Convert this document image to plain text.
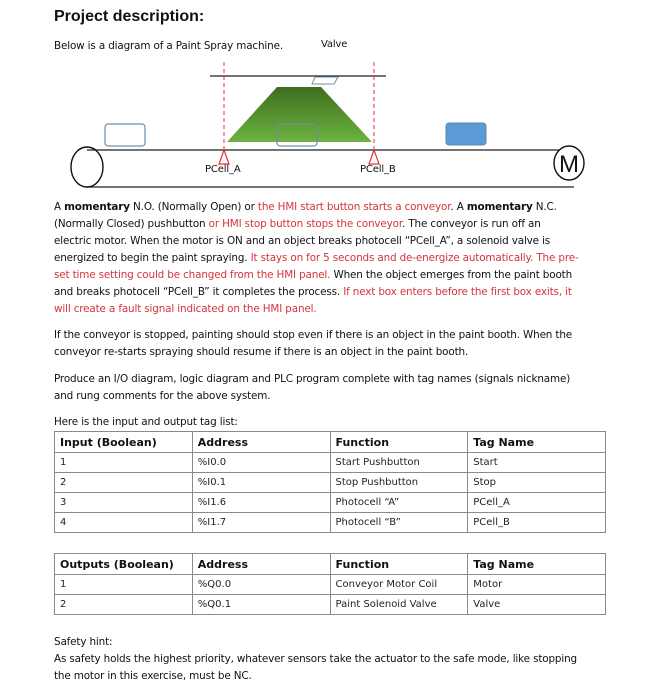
Project description:
Below is a diagram of a Paint Spray machine.	Valve
M
PCell_A	PCell_B
A momentary N.O. (Normally Open) or the HMI start button starts a conveyor. A momentary N.C.
(Normally Closed) pushbutton or HMI stop button stops the conveyor. The conveyor is run off an
electric motor. When the motor is ON and an object breaks photocell “PCell_A”, a solenoid valve is
energized to begin the paint spraying. It stays on for 5 seconds and de-energize automatically. The pre-
set time setting could be changed from the HMI panel. When the object emerges from the paint booth
and breaks photocell “PCell_B” it completes the process. If next box enters before the first box exits, it
will create a fault signal indicated on the HMI panel.
If the conveyor is stopped, painting should stop even if there is an object in the paint booth. When the
conveyor re-starts spraying should resume if there is an object in the paint booth.
Produce an I/O diagram, logic diagram and PLC program complete with tag names (signals nickname)
and rung comments for the above system.
Here is the input and output tag list:
Input (Boolean)	Address	Function	Tag Name
1	%I0.0	Start Pushbutton	Start
2	%I0.1	Stop Pushbutton	Stop
3	%I1.6	Photocell “A”	PCell_A
4	%I1.7	Photocell “B”	PCell_B
Outputs (Boolean)	Address	Function	Tag Name
1	%Q0.0	Conveyor Motor Coil	Motor
2	%Q0.1	Paint Solenoid Valve	Valve
Safety hint:
As safety holds the highest priority, whatever sensors take the actuator to the safe mode, like stopping
the motor in this exercise, must be NC.
